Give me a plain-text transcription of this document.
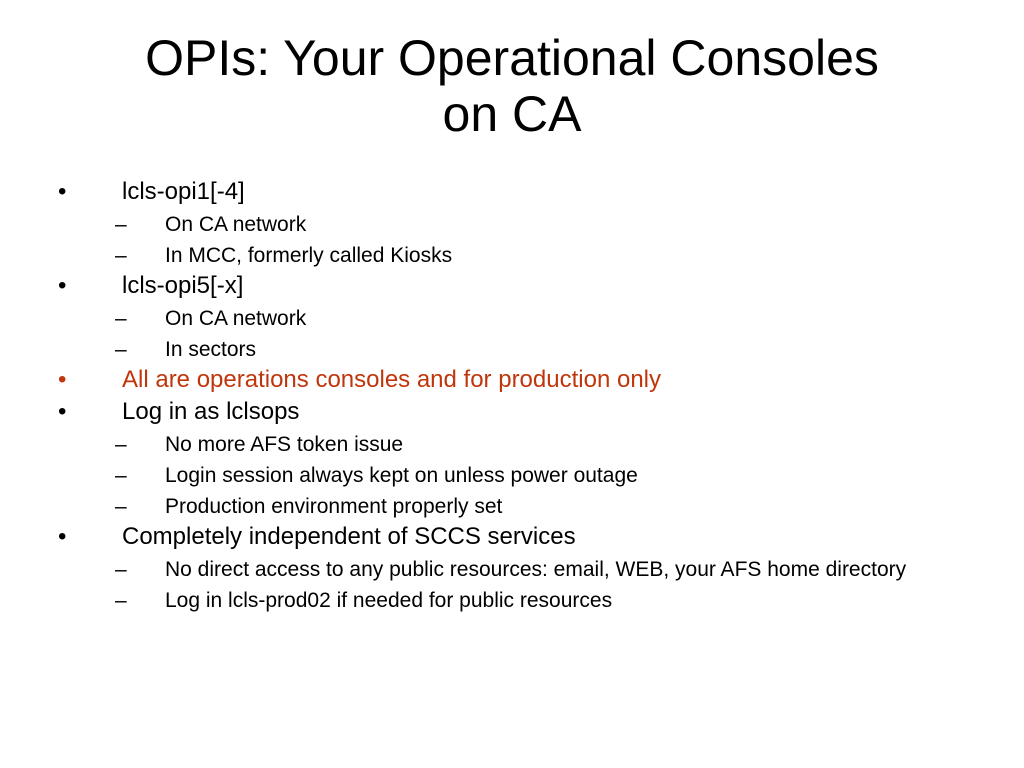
OPIs: Your Operational Consoles
on CA
• lcls-opi1[-4]
– On CA network
– In MCC, formerly called Kiosks
• lcls-opi5[-x]
– On CA network
– In sectors
• All are operations consoles and for production only
• Log in as lclsops
– No more AFS token issue
– Login session always kept on unless power outage
– Production environment properly set
• Completely independent of SCCS services
– No direct access to any public resources: email, WEB, your AFS home directory
– Log in lcls-prod02 if needed for public resources
